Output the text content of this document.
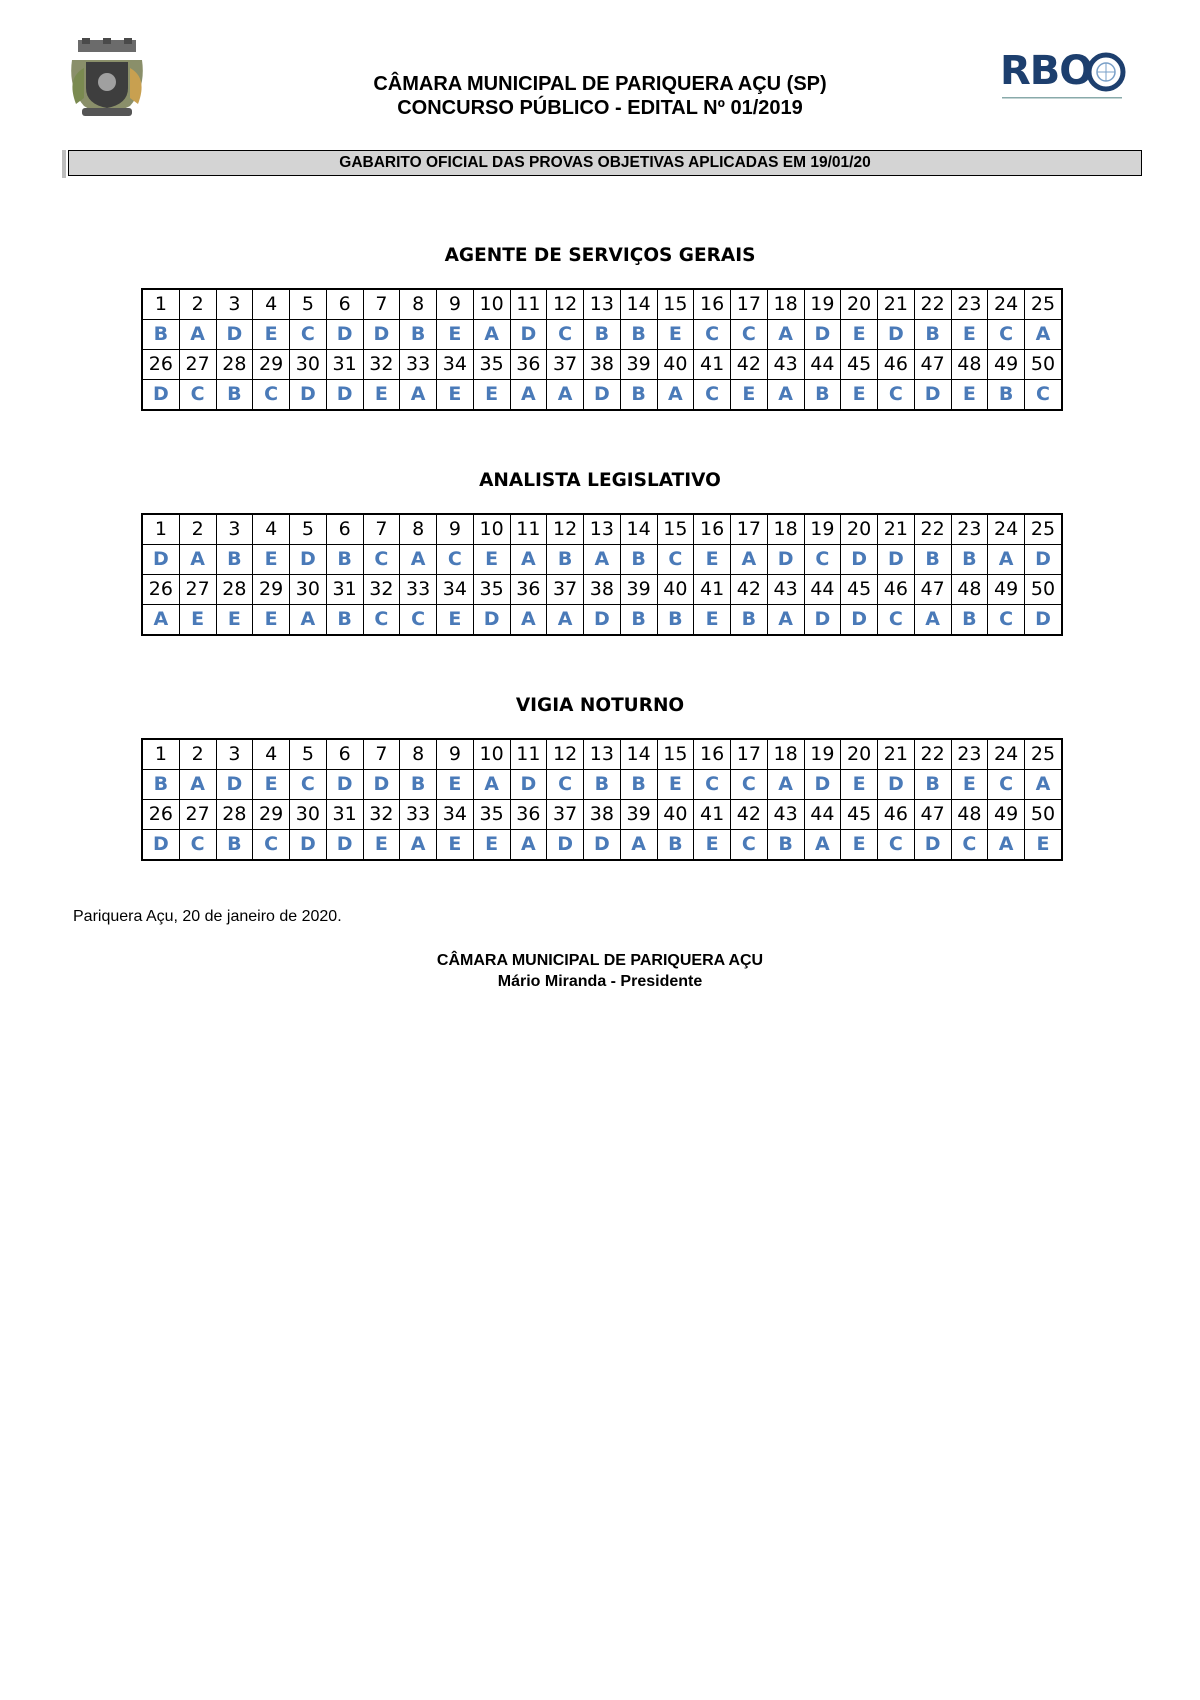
RBO
CÂMARA MUNICIPAL DE PARIQUERA AÇU (SP)
CONCURSO PÚBLICO - EDITAL Nº 01/2019
GABARITO OFICIAL DAS PROVAS OBJETIVAS APLICADAS EM 19/01/20
AGENTE DE SERVIÇOS GERAIS
1	2	3	4	5	6	7	8	9	10	11	12	13	14	15	16	17	18	19	20	21	22	23	24	25
B	A	D	E	C	D	D	B	E	A	D	C	B	B	E	C	C	A	D	E	D	B	E	C	A
26	27	28	29	30	31	32	33	34	35	36	37	38	39	40	41	42	43	44	45	46	47	48	49	50
D	C	B	C	D	D	E	A	E	E	A	A	D	B	A	C	E	A	B	E	C	D	E	B	C
ANALISTA LEGISLATIVO
1	2	3	4	5	6	7	8	9	10	11	12	13	14	15	16	17	18	19	20	21	22	23	24	25
D	A	B	E	D	B	C	A	C	E	A	B	A	B	C	E	A	D	C	D	D	B	B	A	D
26	27	28	29	30	31	32	33	34	35	36	37	38	39	40	41	42	43	44	45	46	47	48	49	50
A	E	E	E	A	B	C	C	E	D	A	A	D	B	B	E	B	A	D	D	C	A	B	C	D
VIGIA NOTURNO
1	2	3	4	5	6	7	8	9	10	11	12	13	14	15	16	17	18	19	20	21	22	23	24	25
B	A	D	E	C	D	D	B	E	A	D	C	B	B	E	C	C	A	D	E	D	B	E	C	A
26	27	28	29	30	31	32	33	34	35	36	37	38	39	40	41	42	43	44	45	46	47	48	49	50
D	C	B	C	D	D	E	A	E	E	A	D	D	A	B	E	C	B	A	E	C	D	C	A	E
Pariquera Açu, 20 de janeiro de 2020.
CÂMARA MUNICIPAL DE PARIQUERA AÇU
Mário Miranda - Presidente
